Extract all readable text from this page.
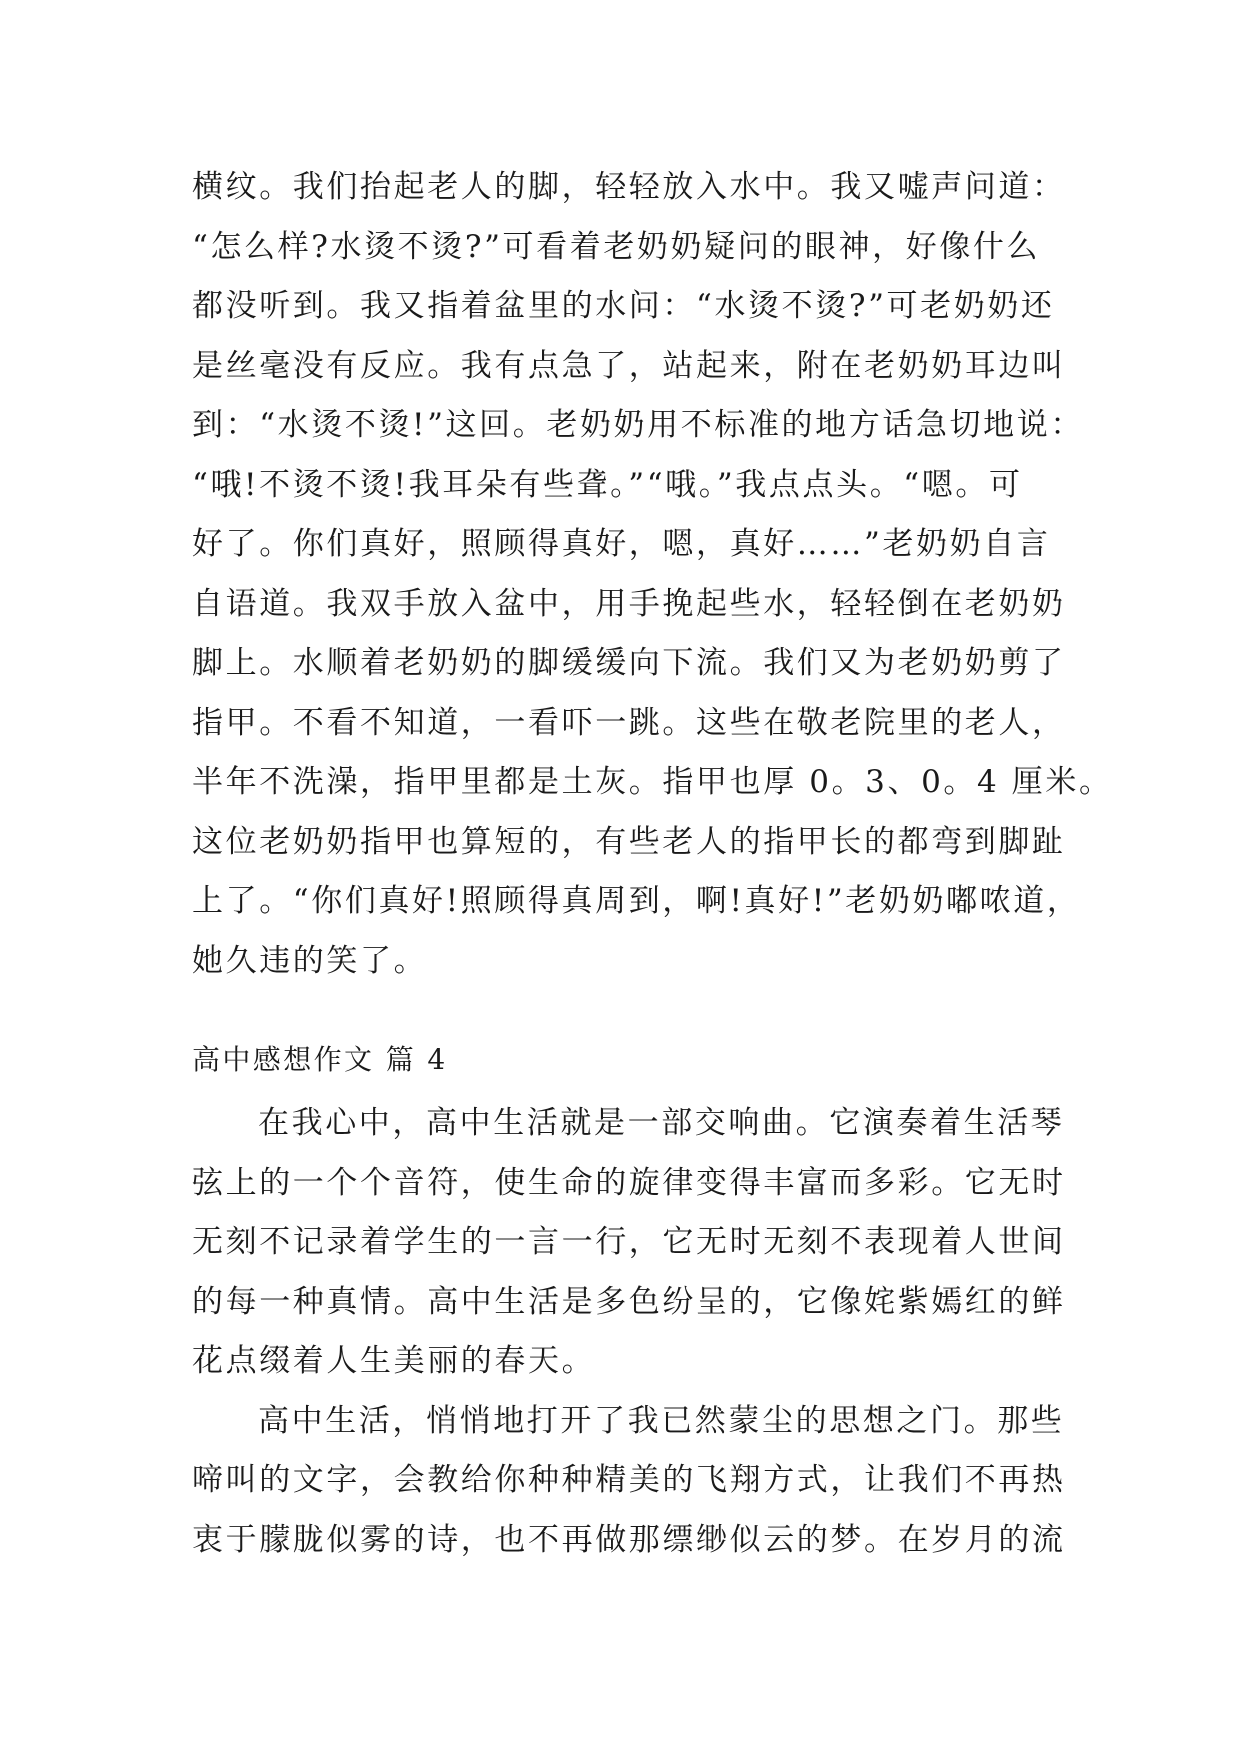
横纹。我们抬起老人的脚，轻轻放入水中。我又嘘声问道：
“怎么样?水烫不烫?”可看着老奶奶疑问的眼神，好像什么
都没听到。我又指着盆里的水问：“水烫不烫?”可老奶奶还
是丝毫没有反应。我有点急了，站起来，附在老奶奶耳边叫
到：“水烫不烫!”这回。老奶奶用不标准的地方话急切地说：
“哦!不烫不烫!我耳朵有些聋。”“哦。”我点点头。“嗯。可
好了。你们真好，照顾得真好，嗯，真好……”老奶奶自言
自语道。我双手放入盆中，用手挽起些水，轻轻倒在老奶奶
脚上。水顺着老奶奶的脚缓缓向下流。我们又为老奶奶剪了
指甲。不看不知道，一看吓一跳。这些在敬老院里的老人，
半年不洗澡，指甲里都是土灰。指甲也厚 0。3、0。4 厘米。
这位老奶奶指甲也算短的，有些老人的指甲长的都弯到脚趾
上了。“你们真好!照顾得真周到，啊!真好!”老奶奶嘟哝道，
她久违的笑了。
高中感想作文 篇 4
在我心中，高中生活就是一部交响曲。它演奏着生活琴
弦上的一个个音符，使生命的旋律变得丰富而多彩。它无时
无刻不记录着学生的一言一行，它无时无刻不表现着人世间
的每一种真情。高中生活是多色纷呈的，它像姹紫嫣红的鲜
花点缀着人生美丽的春天。
高中生活，悄悄地打开了我已然蒙尘的思想之门。那些
啼叫的文字，会教给你种种精美的飞翔方式，让我们不再热
衷于朦胧似雾的诗，也不再做那缥缈似云的梦。在岁月的流
